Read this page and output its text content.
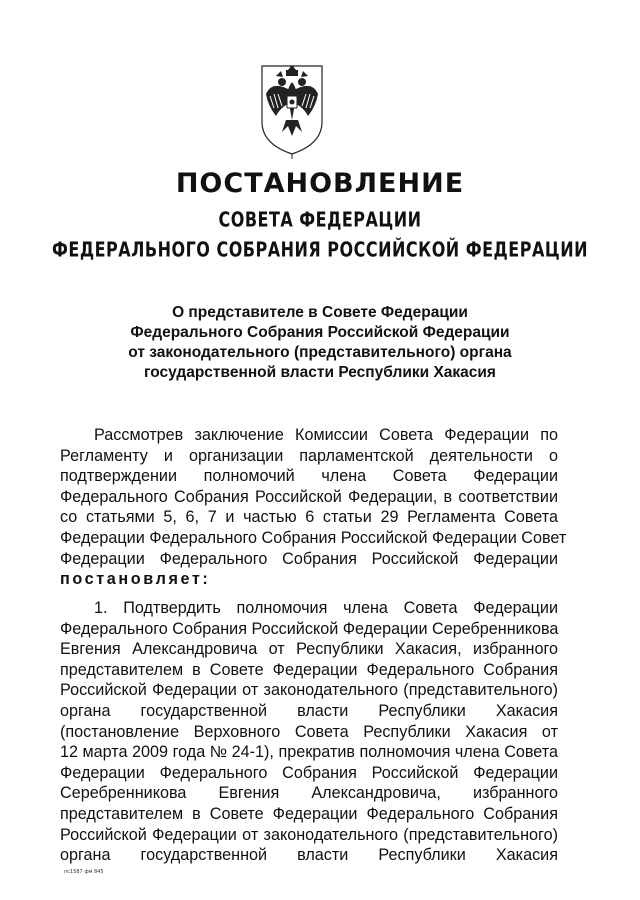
ПОСТАНОВЛЕНИЕ
СОВЕТА ФЕДЕРАЦИИ
ФЕДЕРАЛЬНОГО СОБРАНИЯ РОССИЙСКОЙ ФЕДЕРАЦИИ
О представителе в Совете Федерации
Федерального Собрания Российской Федерации
от законодательного (представительного) органа
государственной власти Республики Хакасия
Рассмотрев заключение Комиссии Совета Федерации по
Регламенту и организации парламентской деятельности о
подтверждении полномочий члена Совета Федерации
Федерального Собрания Российской Федерации, в соответствии
со статьями 5, 6, 7 и частью 6 статьи 29 Регламента Совета
Федерации Федерального Собрания Российской Федерации Совет
Федерации Федерального Собрания Российской Федерации
постановляет:
1. Подтвердить полномочия члена Совета Федерации
Федерального Собрания Российской Федерации Серебренникова
Евгения Александровича от Республики Хакасия, избранного
представителем в Совете Федерации Федерального Собрания
Российской Федерации от законодательного (представительного)
органа государственной власти Республики Хакасия
(постановление Верховного Совета Республики Хакасия от
12 марта 2009 года № 24-1), прекратив полномочия члена Совета
Федерации Федерального Собрания Российской Федерации
Серебренникова Евгения Александровича, избранного
представителем в Совете Федерации Федерального Собрания
Российской Федерации от законодательного (представительного)
органа государственной власти Республики Хакасия
пс1587 фм 845
